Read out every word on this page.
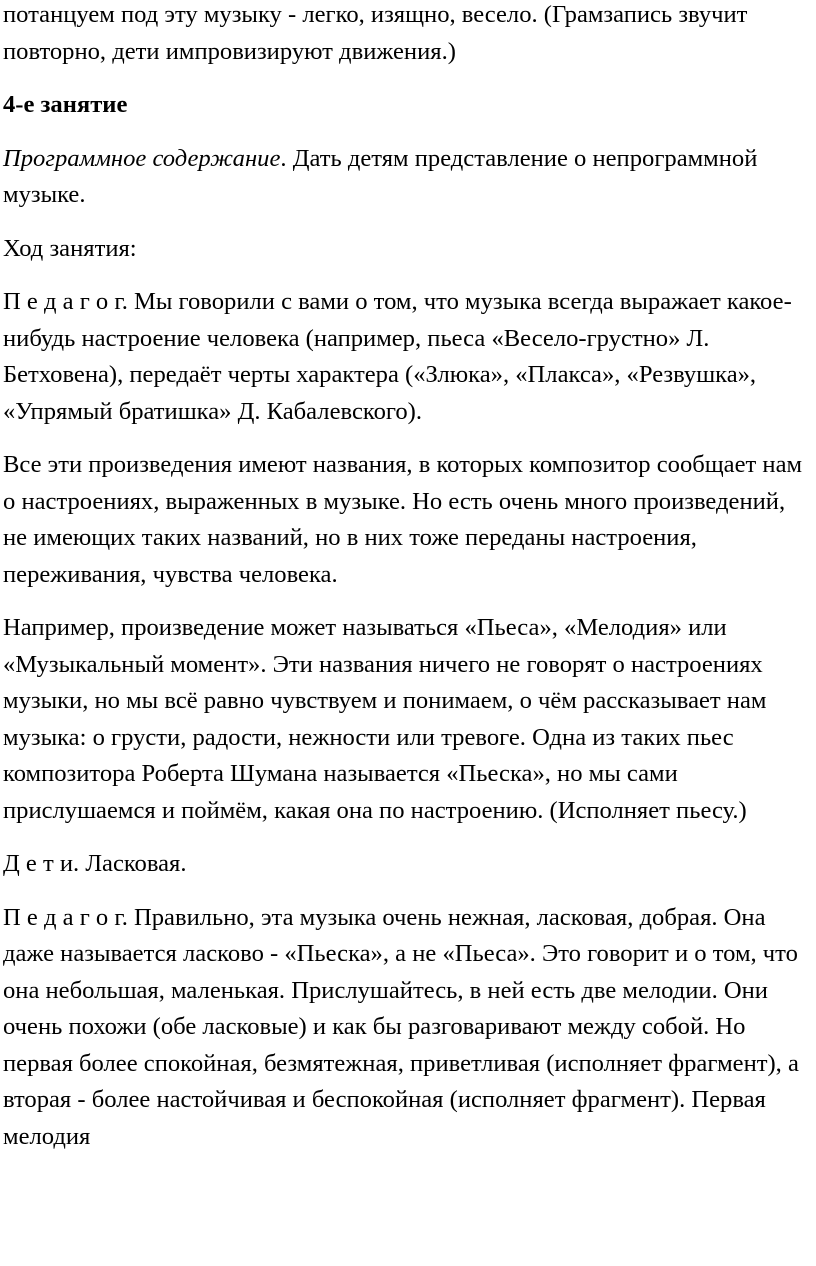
потанцуем под эту музыку - легко, изящно, весело. (Грамзапись звучит повторно, дети импровизируют движения.)

4-е занятие

Программное содержание. Дать детям представление о непрограммной музыке.

Ход занятия:

П е д а г о г. Мы говорили с вами о том, что музыка всегда выражает какое-нибудь настроение человека (например, пьеса «Весело-грустно» Л. Бетховена), передаёт черты характера («Злюка», «Плакса», «Резвушка», «Упрямый братишка» Д. Кабалевского).

Все эти произведения имеют названия, в которых композитор сообщает нам о настроениях, выраженных в музыке. Но есть очень много произведений, не имеющих таких названий, но в них тоже переданы настроения, переживания, чувства человека.

Например, произведение может называться «Пьеса», «Мелодия» или «Музыкальный момент». Эти названия ничего не говорят о настроениях музыки, но мы всё равно чувствуем и понимаем, о чём рассказывает нам музыка: о грусти, радости, нежности или тревоге. Одна из таких пьес композитора Роберта Шумана называется «Пьеска», но мы сами прислушаемся и поймём, какая она по настроению. (Исполняет пьесу.)

Д е т и. Ласковая.

П е д а г о г. Правильно, эта музыка очень нежная, ласковая, добрая. Она даже называется ласково - «Пьеска», а не «Пьеса». Это говорит и о том, что она небольшая, маленькая. Прислушайтесь, в ней есть две мелодии. Они очень похожи (обе ласковые) и как бы разговаривают между собой. Но первая более спокойная, безмятежная, приветливая (исполняет фрагмент), а вторая - более настойчивая и беспокойная (исполняет фрагмент). Первая мелодия
